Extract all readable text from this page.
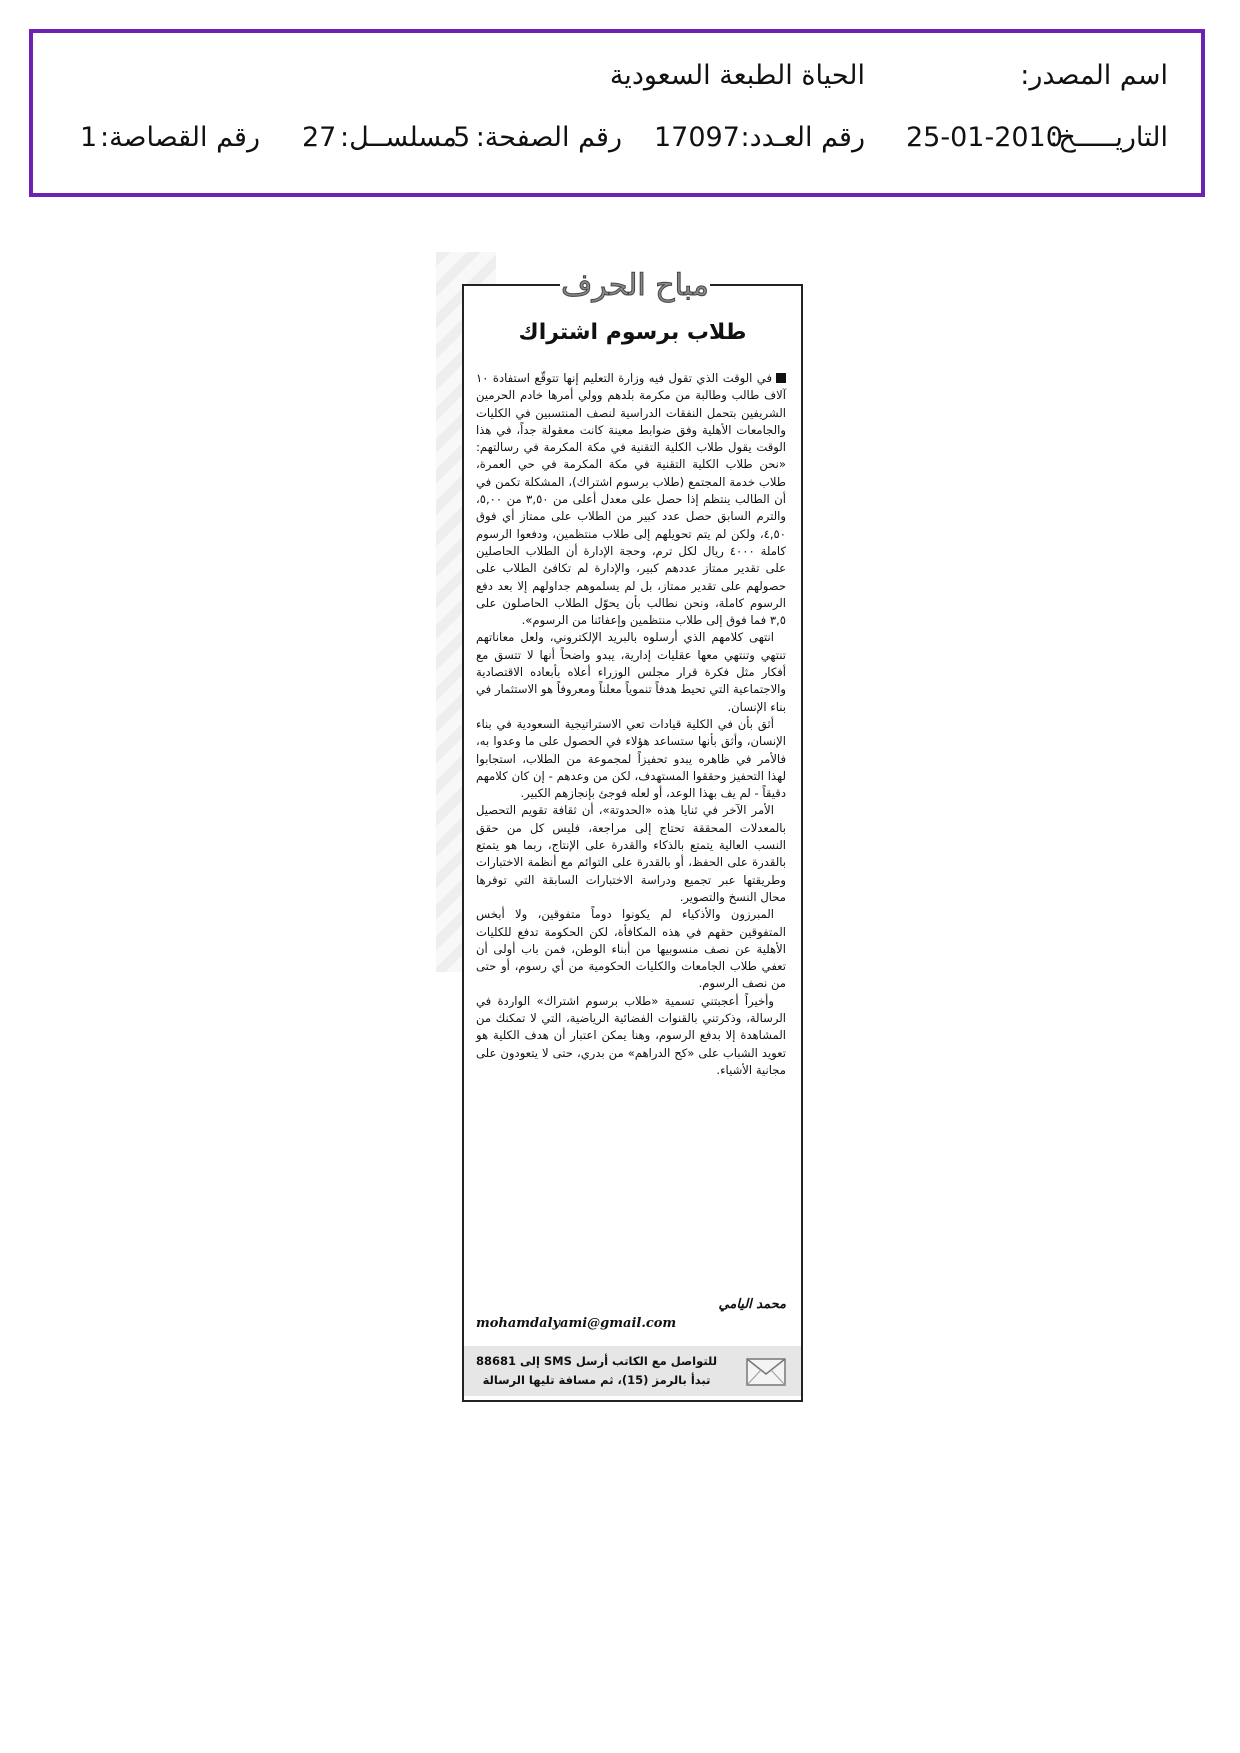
اسم المصدر:
الحياة الطبعة السعودية
التاريـــــخ:
25-01-2010
رقم العـدد:
17097
رقم الصفحة:
5
مسلســل:
27
رقم القصاصة:
1
مباح الحرف
طلاب برسوم اشتراك

في الوقت الذي تقول فيه وزارة التعليم إنها تتوقّع استفادة ١٠ آلاف طالب وطالبة من مكرمة بلدهم وولي أمرها خادم الحرمين الشريفين بتحمل النفقات الدراسية لنصف المنتسبين في الكليات والجامعات الأهلية وفق ضوابط معينة كانت معقولة جداً، في هذا الوقت يقول طلاب الكلية التقنية في مكة المكرمة في رسالتهم: «نحن طلاب الكلية التقنية في مكة المكرمة في حي العمرة، طلاب خدمة المجتمع (طلاب برسوم اشتراك)، المشكلة تكمن في أن الطالب ينتظم إذا حصل على معدل أعلى من ٣,٥٠ من ٥,٠٠، والترم السابق حصل عدد كبير من الطلاب على ممتاز أي فوق ٤,٥٠، ولكن لم يتم تحويلهم إلى طلاب منتظمين، ودفعوا الرسوم كاملة ٤٠٠٠ ريال لكل ترم، وحجة الإدارة أن الطلاب الحاصلين على تقدير ممتاز عددهم كبير، والإدارة لم تكافئ الطلاب على حصولهم على تقدير ممتاز، بل لم يسلموهم جداولهم إلا بعد دفع الرسوم كاملة، ونحن نطالب بأن يحوّل الطلاب الحاصلون على ٣,٥ فما فوق إلى طلاب منتظمين وإعفائنا من الرسوم».

انتهى كلامهم الذي أرسلوه بالبريد الإلكتروني، ولعل معاناتهم تنتهي وتنتهي معها عقليات إدارية، يبدو واضحاً أنها لا تتسق مع أفكار مثل فكرة قرار مجلس الوزراء أعلاه بأبعاده الاقتصادية والاجتماعية التي تحيط هدفاً تنموياً معلناً ومعروفاً هو الاستثمار في بناء الإنسان.

أثق بأن في الكلية قيادات تعي الاستراتيجية السعودية في بناء الإنسان، وأثق بأنها ستساعد هؤلاء في الحصول على ما وعدوا به، فالأمر في ظاهره يبدو تحفيزاً لمجموعة من الطلاب، استجابوا لهذا التحفيز وحققوا المستهدف، لكن من وعدهم - إن كان كلامهم دقيقاً - لم يف بهذا الوعد، أو لعله فوجئ بإنجازهم الكبير.

الأمر الآخر في ثنايا هذه «الحدوتة»، أن ثقافة تقويم التحصيل بالمعدلات المحققة تحتاج إلى مراجعة، فليس كل من حقق النسب العالية يتمتع بالذكاء والقدرة على الإنتاج، ربما هو يتمتع بالقدرة على الحفظ، أو بالقدرة على التوائم مع أنظمة الاختبارات وطريقتها عبر تجميع ودراسة الاختبارات السابقة التي توفرها محال النسخ والتصوير.

المبرزون والأذكياء لم يكونوا دوماً متفوقين، ولا أبخس المتفوقين حقهم في هذه المكافأة، لكن الحكومة تدفع للكليات الأهلية عن نصف منسوبيها من أبناء الوطن، فمن باب أولى أن تعفي طلاب الجامعات والكليات الحكومية من أي رسوم، أو حتى من نصف الرسوم.

وأخيراً أعجبتني تسمية «طلاب برسوم اشتراك» الواردة في الرسالة، وذكرتني بالقنوات الفضائية الرياضية، التي لا تمكنك من المشاهدة إلا بدفع الرسوم، وهنا يمكن اعتبار أن هدف الكلية هو تعويد الشباب على «كح الدراهم» من بدري، حتى لا يتعودون على مجانية الأشياء.

محمد اليامي
mohamdalyami@gmail.com
للتواصل مع الكاتب أرسل SMS إلى 88681
تبدأ بالرمز (15)، ثم مسافة تليها الرسالة
